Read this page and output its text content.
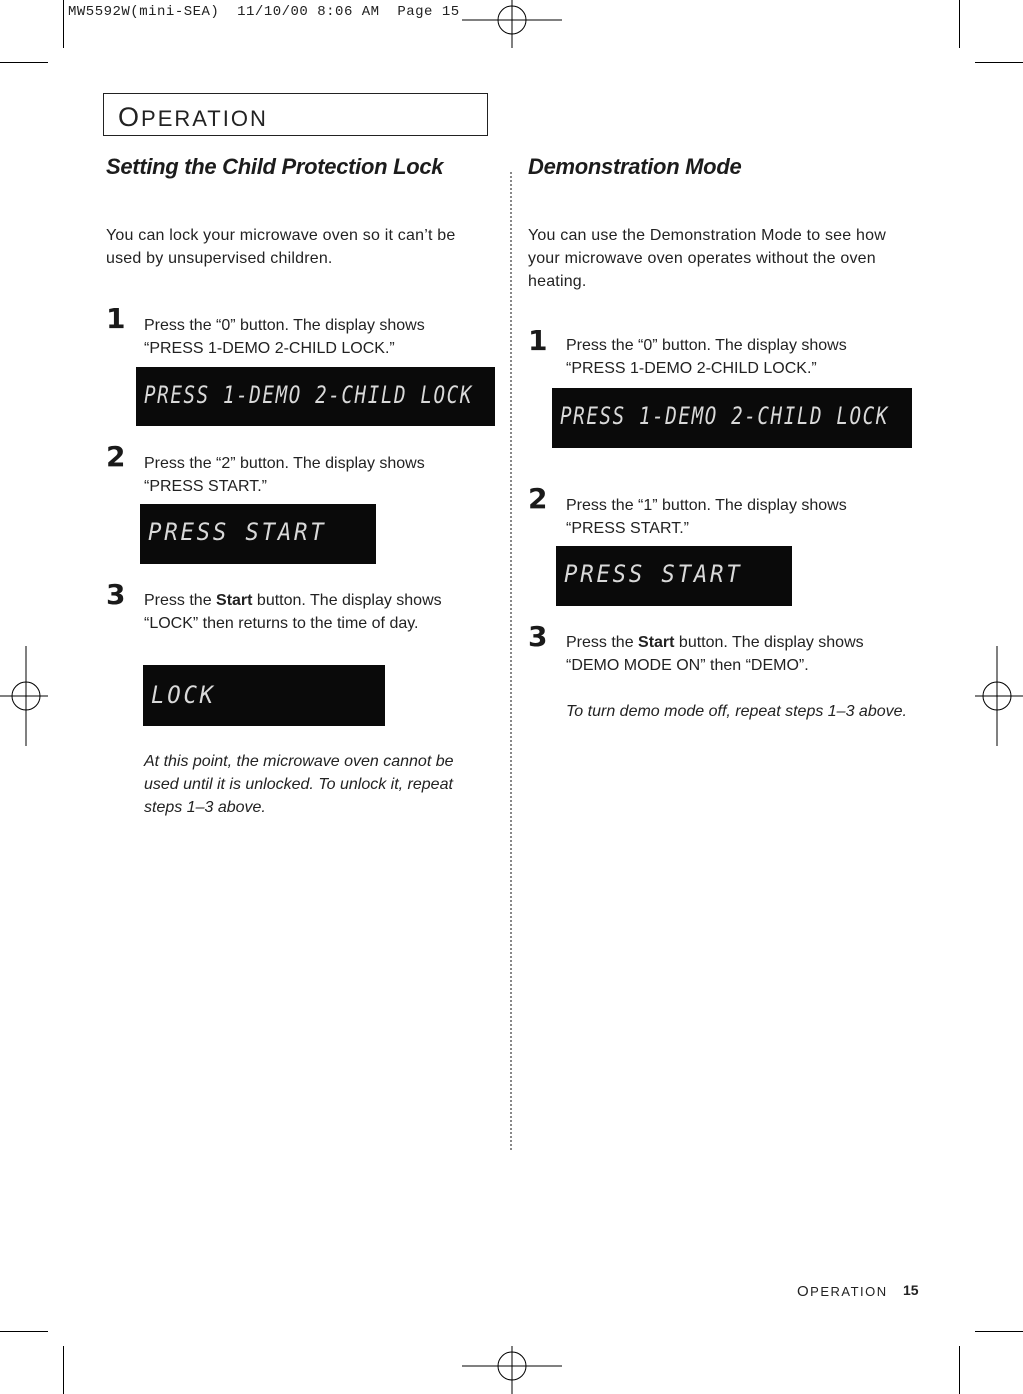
MW5592W(mini-SEA)  11/10/00 8:06 AM  Page 15
OPERATION
Setting the Child Protection Lock
You can lock your microwave oven so it can’t be used by unsupervised children.
1 Press the “0” button. The display shows “PRESS 1-DEMO 2-CHILD LOCK.”
PRESS 1-DEMO 2-CHILD LOCK
2 Press the “2” button. The display shows “PRESS START.”
PRESS START
3 Press the Start button. The display shows “LOCK” then returns to the time of day.
LOCK
At this point, the microwave oven cannot be used until it is unlocked. To unlock it, repeat steps 1–3 above.
Demonstration Mode
You can use the Demonstration Mode to see how your microwave oven operates without the oven heating.
1 Press the “0” button. The display shows “PRESS 1-DEMO 2-CHILD LOCK.”
PRESS 1-DEMO 2-CHILD LOCK
2 Press the “1” button. The display shows “PRESS START.”
PRESS START
3 Press the Start button. The display shows “DEMO MODE ON” then “DEMO”.
To turn demo mode off, repeat steps 1–3 above.
OPERATION 15
